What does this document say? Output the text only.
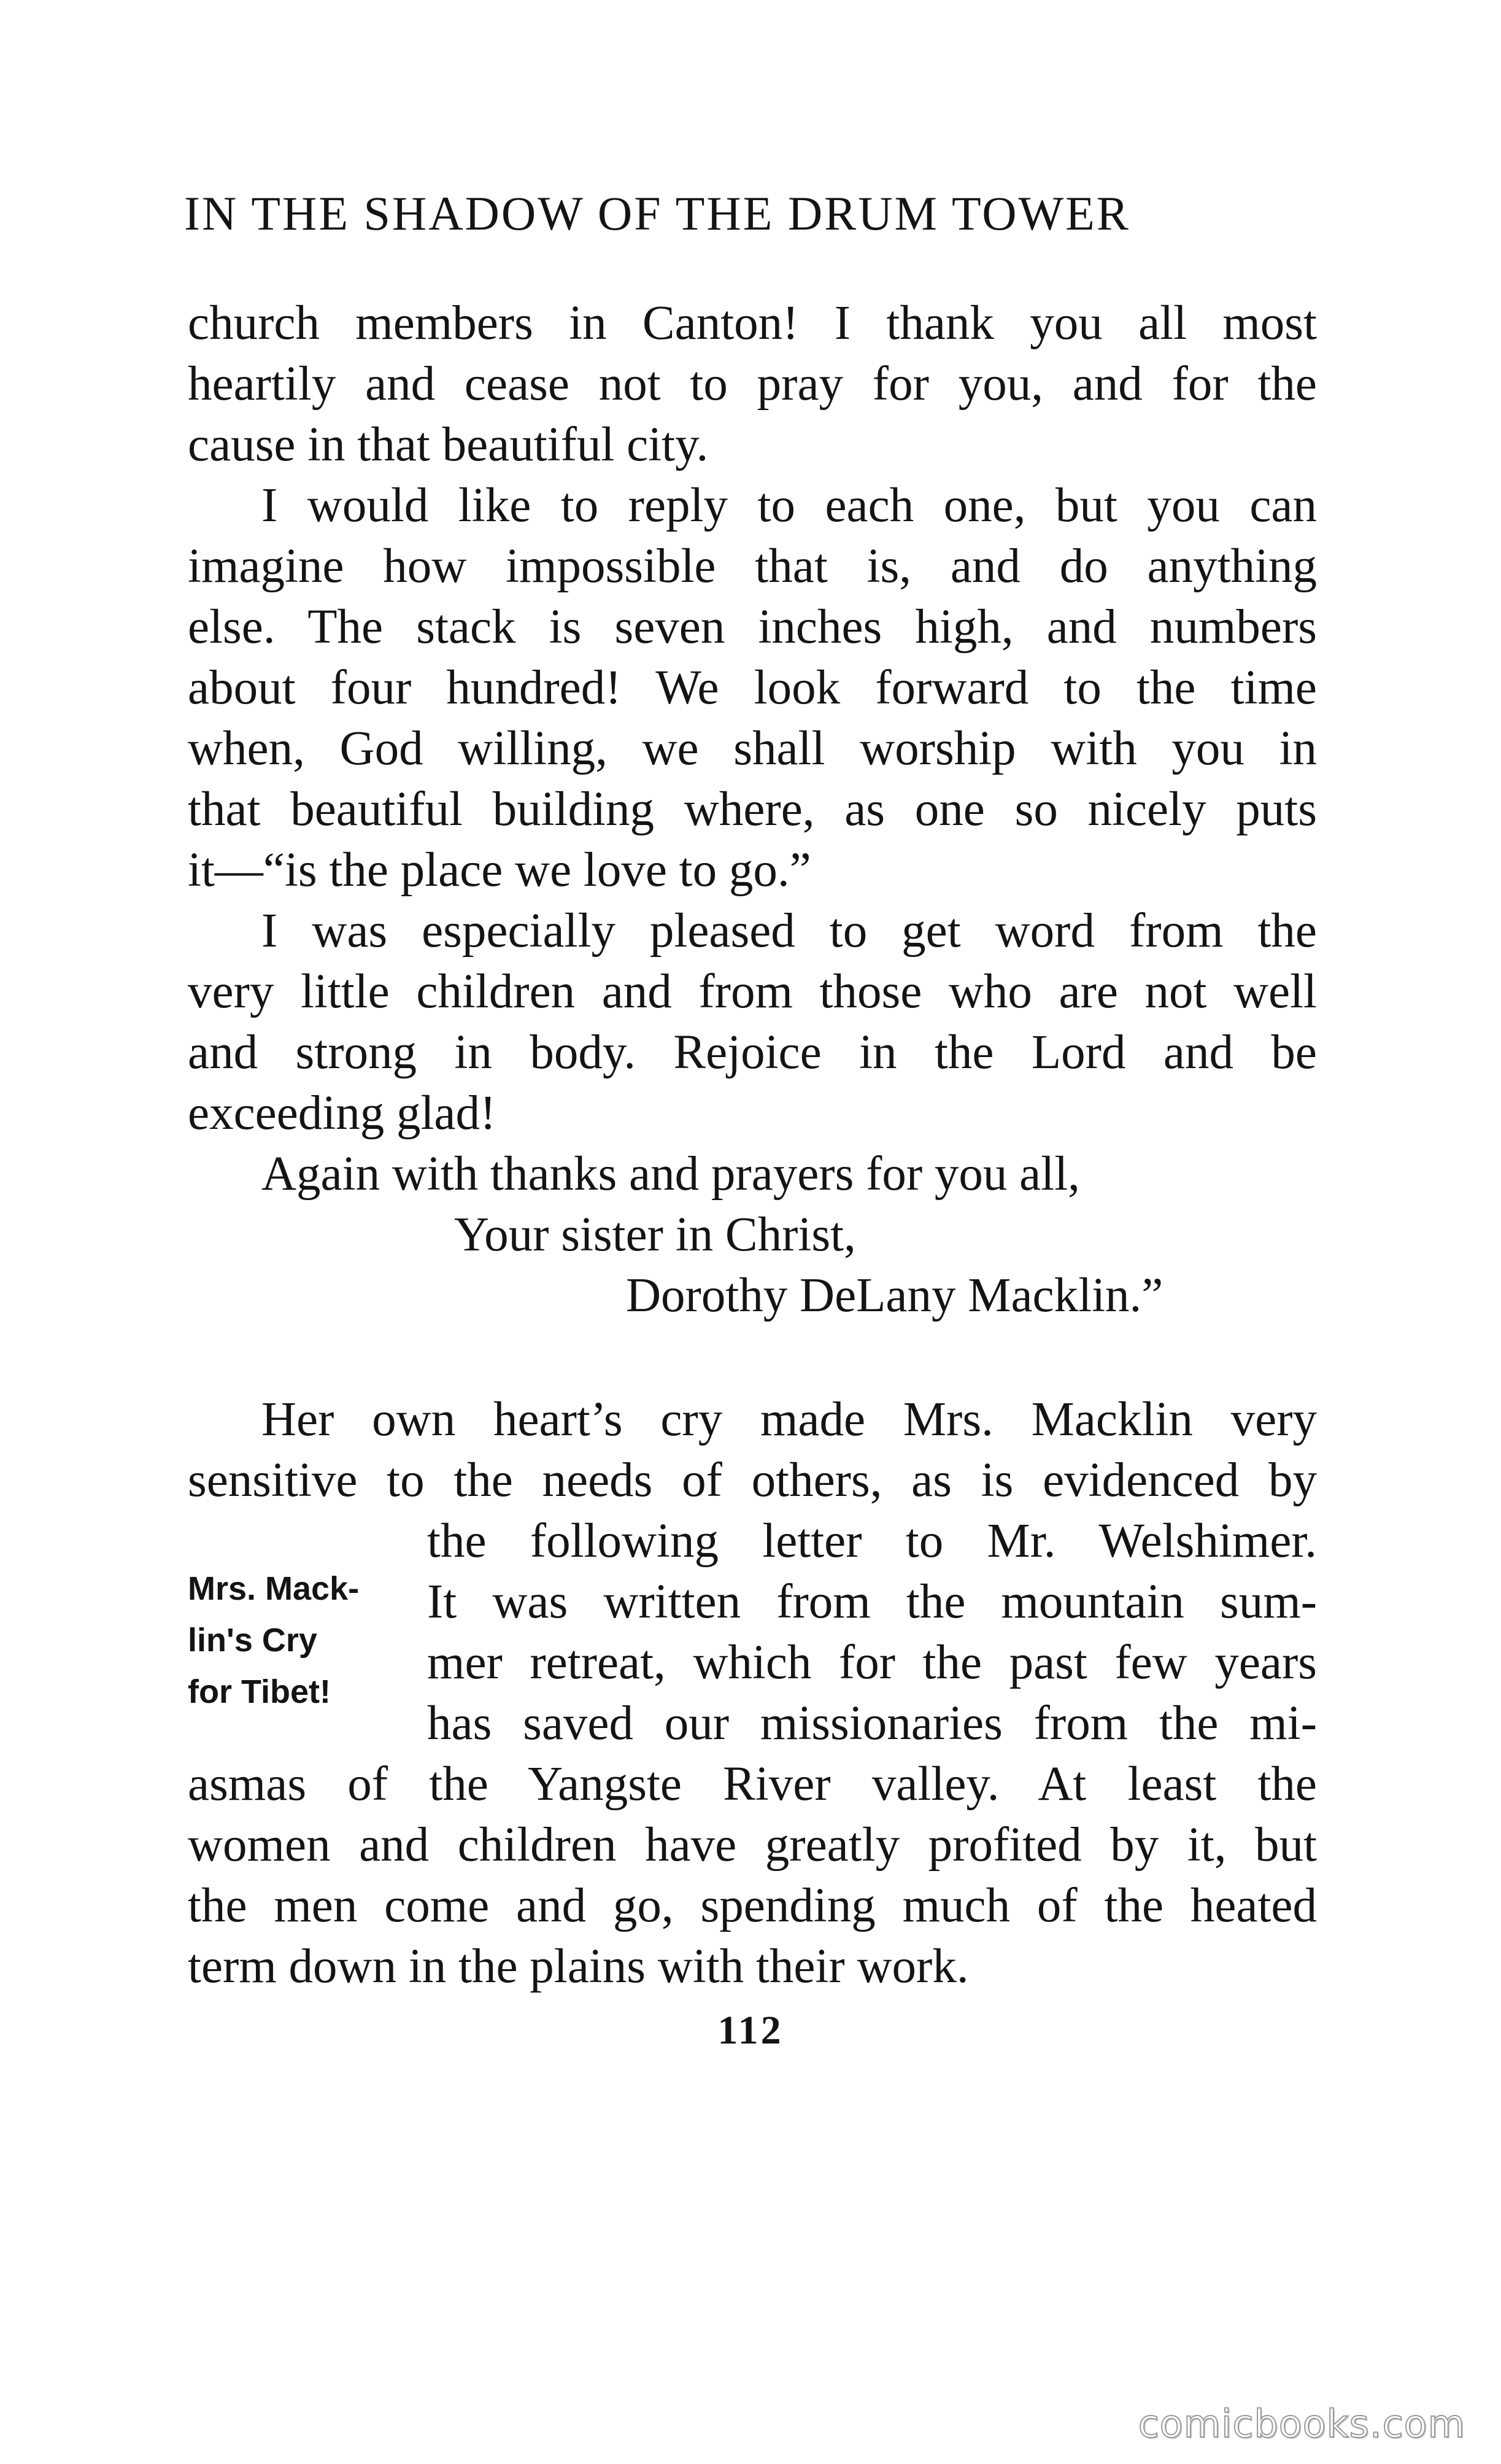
IN THE SHADOW OF THE DRUM TOWER
church members in Canton! I thank you all most
heartily and cease not to pray for you, and for the
cause in that beautiful city.
I would like to reply to each one, but you can
imagine how impossible that is, and do anything
else. The stack is seven inches high, and numbers
about four hundred! We look forward to the time
when, God willing, we shall worship with you in
that beautiful building where, as one so nicely puts
it—“is the place we love to go.”
I was especially pleased to get word from the
very little children and from those who are not well
and strong in body. Rejoice in the Lord and be
exceeding glad!
Again with thanks and prayers for you all,
Your sister in Christ,
Dorothy DeLany Macklin.”
Her own heart’s cry made Mrs. Macklin very
sensitive to the needs of others, as is evidenced by
the following letter to Mr. Welshimer.
It was written from the mountain sum-
mer retreat, which for the past few years
has saved our missionaries from the mi-
asmas of the Yangste River valley. At least the
women and children have greatly profited by it, but
the men come and go, spending much of the heated
term down in the plains with their work.
Mrs. Mack-
lin's Cry
for Tibet!
112
comicbooks.com
